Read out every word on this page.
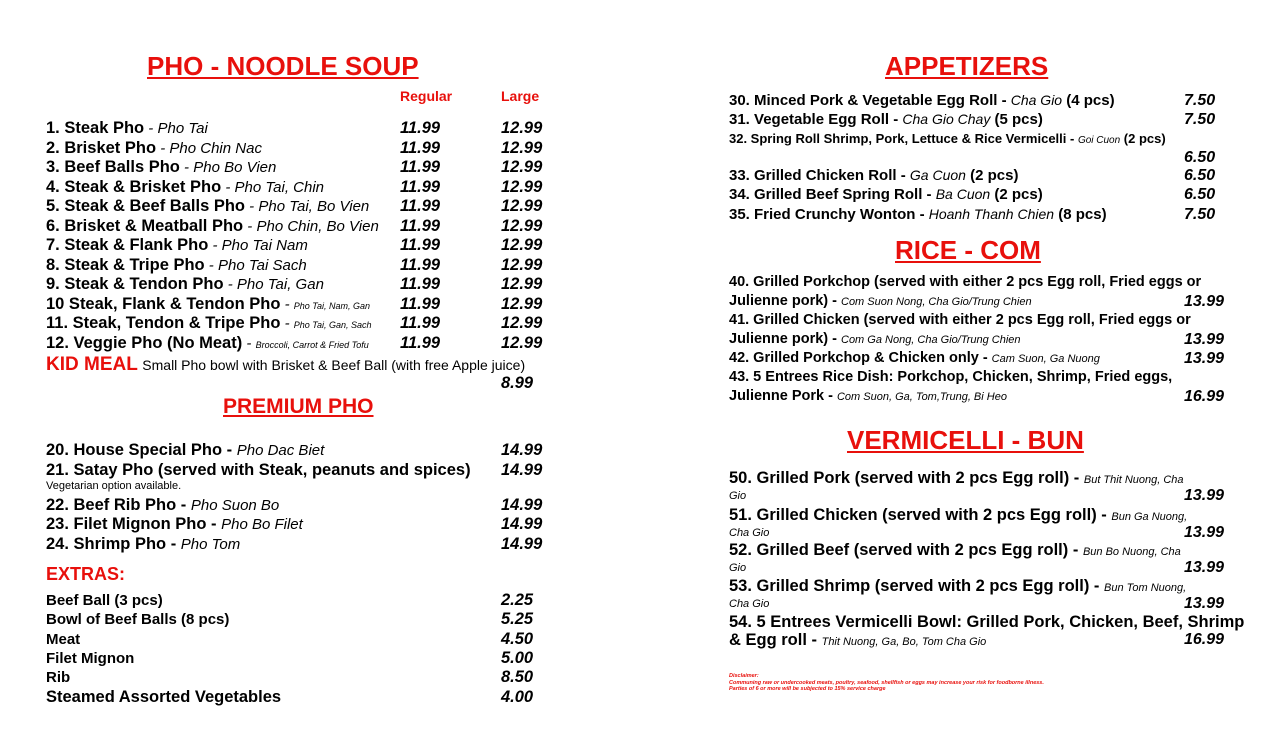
PHO - NOODLE SOUP
Regular	Large
1. Steak Pho - Pho Tai	11.99	12.99
2. Brisket Pho - Pho Chin Nac	11.99	12.99
3. Beef Balls Pho - Pho Bo Vien	11.99	12.99
4. Steak & Brisket Pho - Pho Tai, Chin	11.99	12.99
5. Steak & Beef Balls Pho - Pho Tai, Bo Vien 11.99	12.99
6. Brisket & Meatball Pho - Pho Chin, Bo Vien 11.99	12.99
7. Steak & Flank Pho - Pho Tai Nam	11.99	12.99
8. Steak & Tripe Pho - Pho Tai Sach	11.99	12.99
9. Steak & Tendon Pho - Pho Tai, Gan	11.99	12.99
10 Steak, Flank & Tendon Pho - Pho Tai, Nam, Gan 11.99	12.99
11. Steak, Tendon & Tripe Pho - Pho Tai, Gan, Sach 11.99	12.99
12. Veggie Pho (No Meat) - Broccoli, Carrot & Fried Tofu 11.99	12.99
KID MEAL Small Pho bowl with Brisket & Beef Ball (with free Apple juice)
8.99
PREMIUM PHO
20. House Special Pho - Pho Dac Biet	14.99
21. Satay Pho (served with Steak, peanuts and spices) 14.99
Vegetarian option available.
22. Beef Rib Pho - Pho Suon Bo	14.99
23. Filet Mignon Pho - Pho Bo Filet	14.99
24. Shrimp Pho - Pho Tom	14.99
EXTRAS:
Beef Ball (3 pcs)	2.25
Bowl of Beef Balls (8 pcs)	5.25
Meat	4.50
Filet Mignon	5.00
Rib	8.50
Steamed Assorted Vegetables	4.00
APPETIZERS
30. Minced Pork & Vegetable Egg Roll - Cha Gio (4 pcs)	7.50
31. Vegetable Egg Roll - Cha Gio Chay (5 pcs)	7.50
32. Spring Roll Shrimp, Pork, Lettuce & Rice Vermicelli - Goi Cuon (2 pcs)
6.50
33. Grilled Chicken Roll - Ga Cuon (2 pcs)	6.50
34. Grilled Beef Spring Roll - Ba Cuon (2 pcs)	6.50
35. Fried Crunchy Wonton - Hoanh Thanh Chien (8 pcs)	7.50
RICE - COM
40. Grilled Porkchop (served with either 2 pcs Egg roll, Fried eggs or
Julienne pork) - Com Suon Nong, Cha Gio/Trung Chien	13.99
41. Grilled Chicken (served with either 2 pcs Egg roll, Fried eggs or
Julienne pork) - Com Ga Nong, Cha Gio/Trung Chien	13.99
42. Grilled Porkchop & Chicken only - Cam Suon, Ga Nuong	13.99
43. 5 Entrees Rice Dish: Porkchop, Chicken, Shrimp, Fried eggs,
Julienne Pork - Com Suon, Ga, Tom,Trung, Bi Heo	16.99
VERMICELLI - BUN
50. Grilled Pork (served with 2 pcs Egg roll) - But Thit Nuong, Cha
$^{Gio}$	13.99
51. Grilled Chicken (served with 2 pcs Egg roll) - Bun Ga Nuong,
$^{Cha Gio}$	13.99
52. Grilled Beef (served with 2 pcs Egg roll) - Bun Bo Nuong, Cha
$^{Gio}$	13.99
53. Grilled Shrimp (served with 2 pcs Egg roll) - Bun Tom Nuong,
$^{Cha Gio}$	13.99
54. 5 Entrees Vermicelli Bowl: Grilled Pork, Chicken, Beef, Shrimp
& Egg roll - Thit Nuong, Ga, Bo, Tom Cha Gio	16.99
Disclaimer:
Communing raw or undercooked meats, poultry, seafood, shellfish or eggs may increase your risk for foodborne illness.
Parties of 6 or more will be subjected to 15% service charge
